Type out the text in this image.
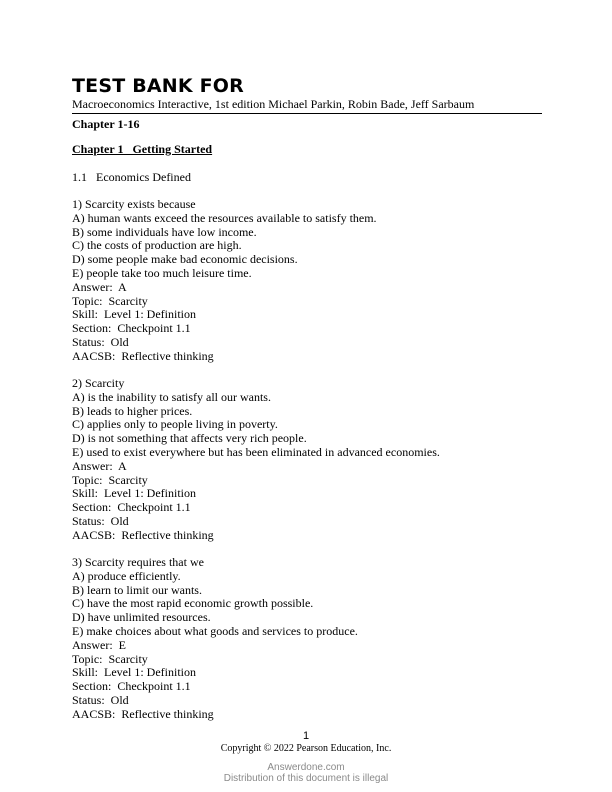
TEST BANK FOR
Macroeconomics Interactive, 1st edition Michael Parkin, Robin Bade, Jeff Sarbaum
Chapter 1-16
Chapter 1   Getting Started
1.1   Economics Defined
1) Scarcity exists because
A) human wants exceed the resources available to satisfy them.
B) some individuals have low income.
C) the costs of production are high.
D) some people make bad economic decisions.
E) people take too much leisure time.
Answer:  A
Topic:  Scarcity
Skill:  Level 1: Definition
Section:  Checkpoint 1.1
Status:  Old
AACSB:  Reflective thinking
2) Scarcity
A) is the inability to satisfy all our wants.
B) leads to higher prices.
C) applies only to people living in poverty.
D) is not something that affects very rich people.
E) used to exist everywhere but has been eliminated in advanced economies.
Answer:  A
Topic:  Scarcity
Skill:  Level 1: Definition
Section:  Checkpoint 1.1
Status:  Old
AACSB:  Reflective thinking
3) Scarcity requires that we
A) produce efficiently.
B) learn to limit our wants.
C) have the most rapid economic growth possible.
D) have unlimited resources.
E) make choices about what goods and services to produce.
Answer:  E
Topic:  Scarcity
Skill:  Level 1: Definition
Section:  Checkpoint 1.1
Status:  Old
AACSB:  Reflective thinking
1
Copyright © 2022 Pearson Education, Inc.
Answerdone.com
Distribution of this document is illegal
